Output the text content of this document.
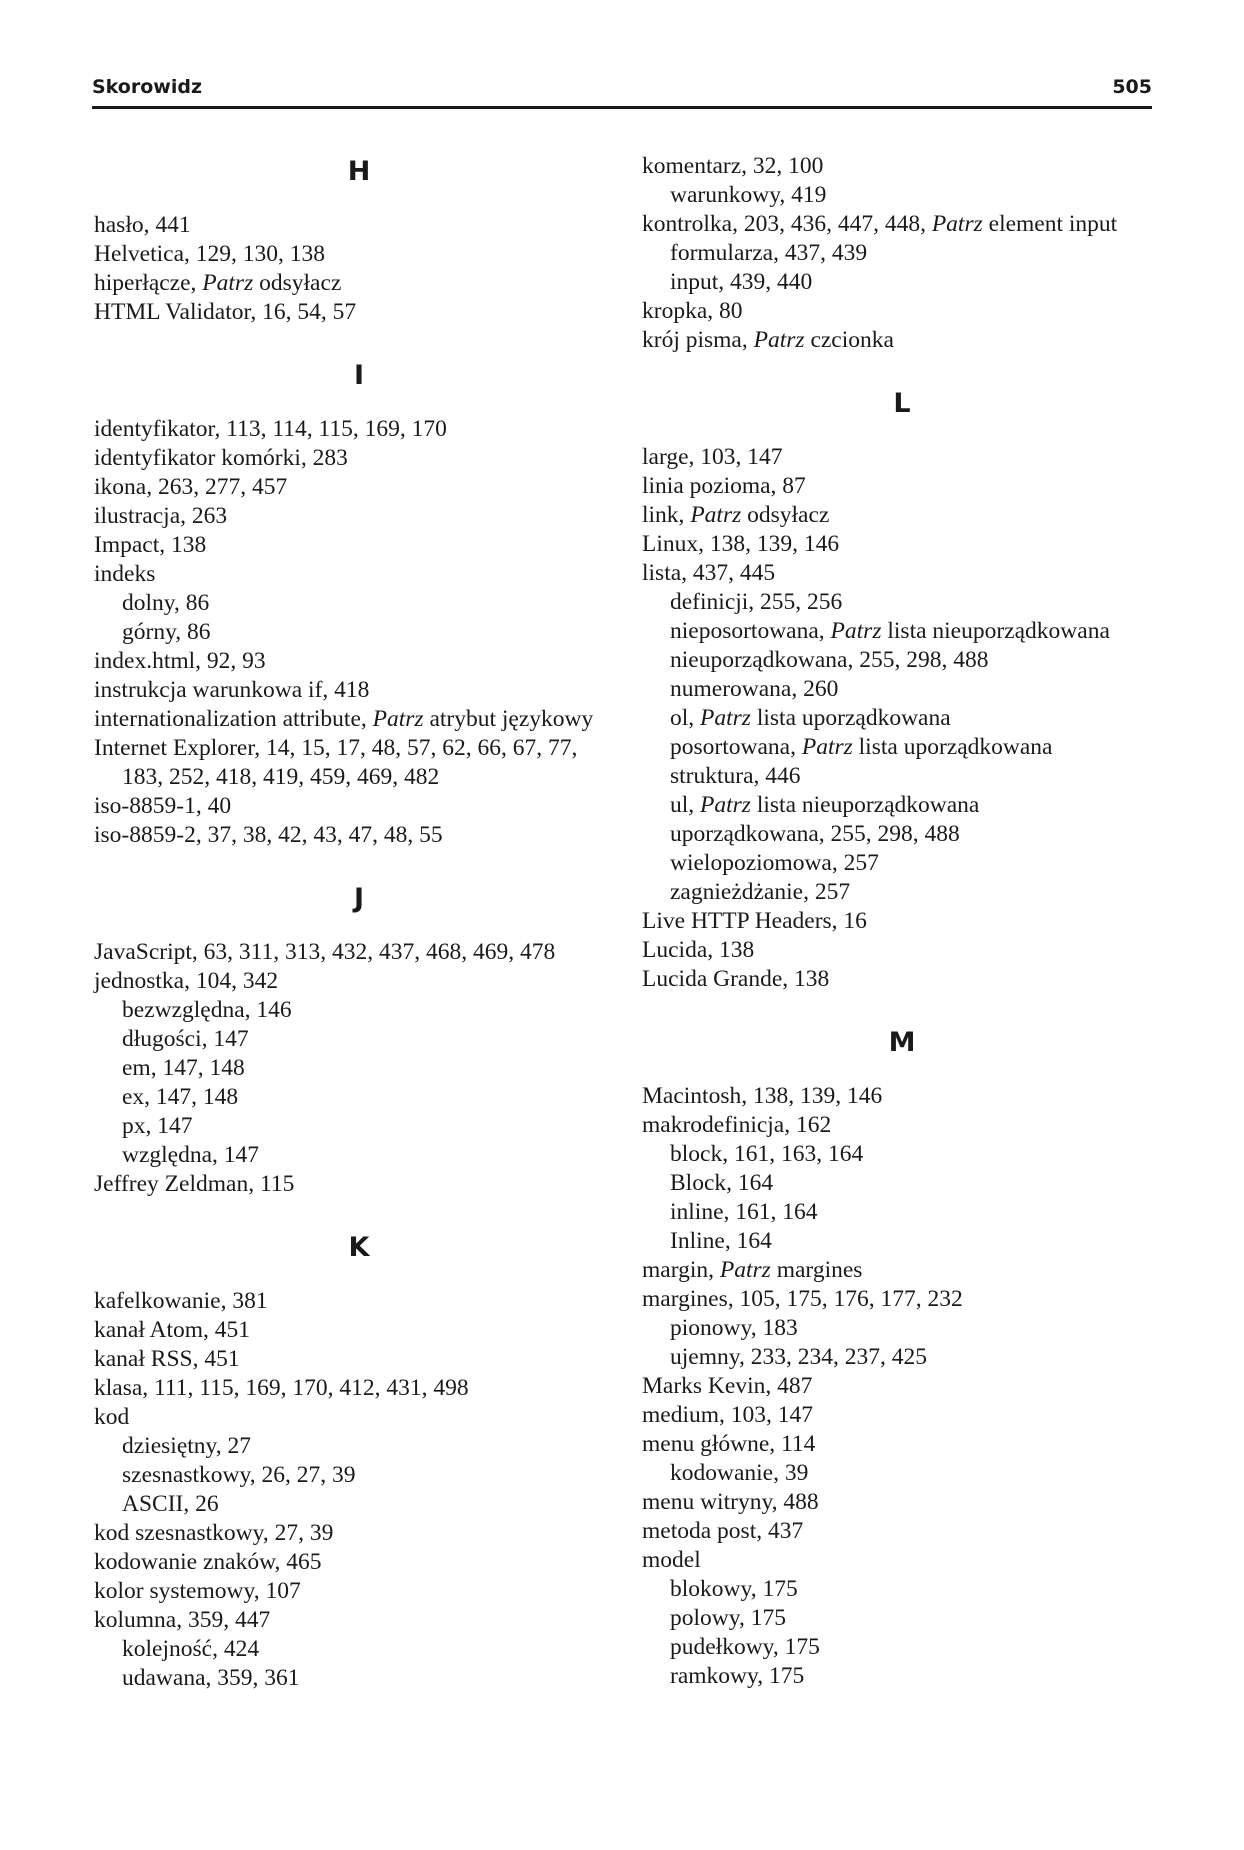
Skorowidz	505
H
hasło, 441
Helvetica, 129, 130, 138
hiperłącze, Patrz odsyłacz
HTML Validator, 16, 54, 57
I
identyfikator, 113, 114, 115, 169, 170
identyfikator komórki, 283
ikona, 263, 277, 457
ilustracja, 263
Impact, 138
indeks
dolny, 86
górny, 86
index.html, 92, 93
instrukcja warunkowa if, 418
internationalization attribute, Patrz atrybut językowy
Internet Explorer, 14, 15, 17, 48, 57, 62, 66, 67, 77, 183, 252, 418, 419, 459, 469, 482
iso-8859-1, 40
iso-8859-2, 37, 38, 42, 43, 47, 48, 55
J
JavaScript, 63, 311, 313, 432, 437, 468, 469, 478
jednostka, 104, 342
bezwzględna, 146
długości, 147
em, 147, 148
ex, 147, 148
px, 147
względna, 147
Jeffrey Zeldman, 115
K
kafelkowanie, 381
kanał Atom, 451
kanał RSS, 451
klasa, 111, 115, 169, 170, 412, 431, 498
kod
dziesiętny, 27
szesnastkowy, 26, 27, 39
ASCII, 26
kod szesnastkowy, 27, 39
kodowanie znaków, 465
kolor systemowy, 107
kolumna, 359, 447
kolejność, 424
udawana, 359, 361
komentarz, 32, 100
warunkowy, 419
kontrolka, 203, 436, 447, 448, Patrz element input
formularza, 437, 439
input, 439, 440
kropka, 80
krój pisma, Patrz czcionka
L
large, 103, 147
linia pozioma, 87
link, Patrz odsyłacz
Linux, 138, 139, 146
lista, 437, 445
definicji, 255, 256
nieposortowana, Patrz lista nieuporządkowana
nieuporządkowana, 255, 298, 488
numerowana, 260
ol, Patrz lista uporządkowana
posortowana, Patrz lista uporządkowana
struktura, 446
ul, Patrz lista nieuporządkowana
uporządkowana, 255, 298, 488
wielopoziomowa, 257
zagnieżdżanie, 257
Live HTTP Headers, 16
Lucida, 138
Lucida Grande, 138
M
Macintosh, 138, 139, 146
makrodefinicja, 162
block, 161, 163, 164
Block, 164
inline, 161, 164
Inline, 164
margin, Patrz margines
margines, 105, 175, 176, 177, 232
pionowy, 183
ujemny, 233, 234, 237, 425
Marks Kevin, 487
medium, 103, 147
menu główne, 114
kodowanie, 39
menu witryny, 488
metoda post, 437
model
blokowy, 175
polowy, 175
pudełkowy, 175
ramkowy, 175
